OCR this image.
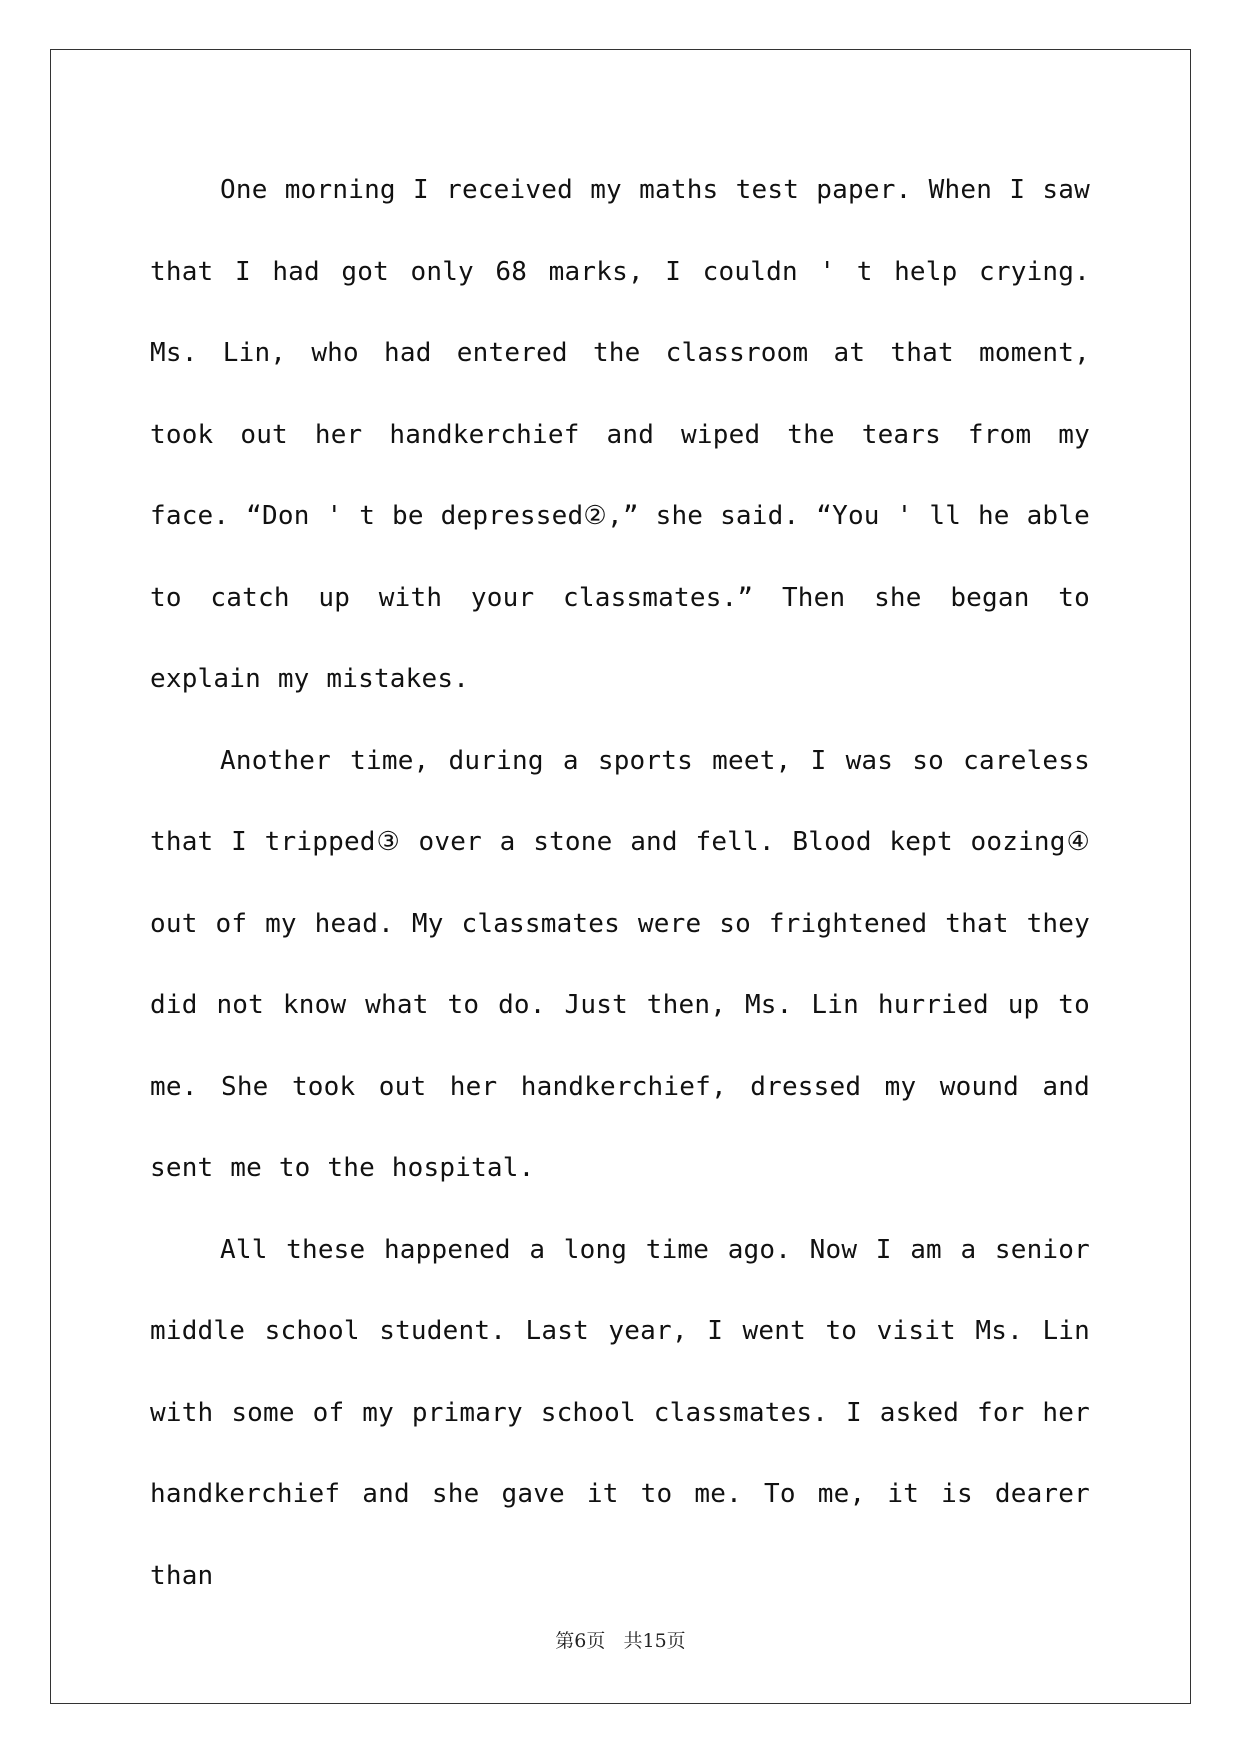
One morning I received my maths test paper. When I saw that I had got only 68 marks, I couldn ' t help crying. Ms. Lin, who had entered the classroom at that moment, took out her handkerchief and wiped the tears from my face. “Don ' t be depressed②,” she said. “You ' ll he able to catch up with your classmates.” Then she began to explain my mistakes.

Another time, during a sports meet, I was so careless that I tripped③ over a stone and fell. Blood kept oozing④ out of my head. My classmates were so frightened that they did not know what to do. Just then, Ms. Lin hurried up to me. She took out her handkerchief, dressed my wound and sent me to the hospital.

All these happened a long time ago. Now I am a senior middle school student. Last year, I went to visit Ms. Lin with some of my primary school classmates. I asked for her handkerchief and she gave it to me. To me, it is dearer than

第6页   共15页
